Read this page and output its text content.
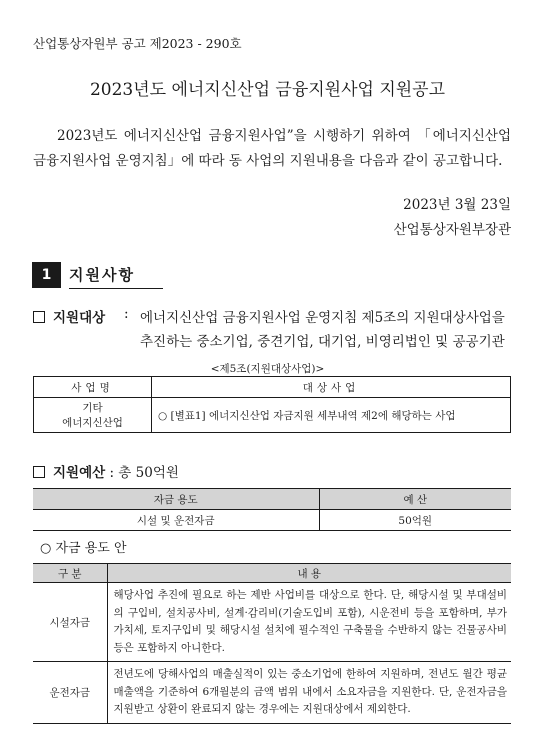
산업통상자원부 공고 제2023 - 290호
2023년도 에너지신산업 금융지원사업 지원공고
2023년도 에너지신산업 금융지원사업”을 시행하기 위하여 「에너지신산업 금융지원사업 운영지침」에 따라 동 사업의 지원내용을 다음과 같이 공고합니다.
2023년 3월 23일
산업통상자원부장관
1	지원사항
지원대상 : 에너지신산업 금융지원사업 운영지침 제5조의 지원대상사업을
추진하는 중소기업, 중견기업, 대기업, 비영리법인 및 공공기관
<제5조(지원대상사업)>
사업명	대상사업

기타
에너지신산업	○ [별표1] 에너지신산업 자금지원 세부내역 제2에 해당하는 사업
지원예산 : 총 50억원
자금 용도	예 산
시설 및 운전자금	50억원
○ 자금 용도 안
구 분	내 용
시설자금	해당사업 추진에 필요로 하는 제반 사업비를 대상으로 한다. 단, 해당시설 및 부대설비의 구입비, 설치공사비, 설계·감리비(기술도입비 포함), 시운전비 등을 포함하며, 부가가치세, 토지구입비 및 해당시설 설치에 필수적인 구축물을 수반하지 않는 건물공사비 등은 포함하지 아니한다.
운전자금	전년도에 당해사업의 매출실적이 있는 중소기업에 한하여 지원하며, 전년도 월간 평균매출액을 기준하여 6개월분의 금액 범위 내에서 소요자금을 지원한다. 단, 운전자금을 지원받고 상환이 완료되지 않는 경우에는 지원대상에서 제외한다.
